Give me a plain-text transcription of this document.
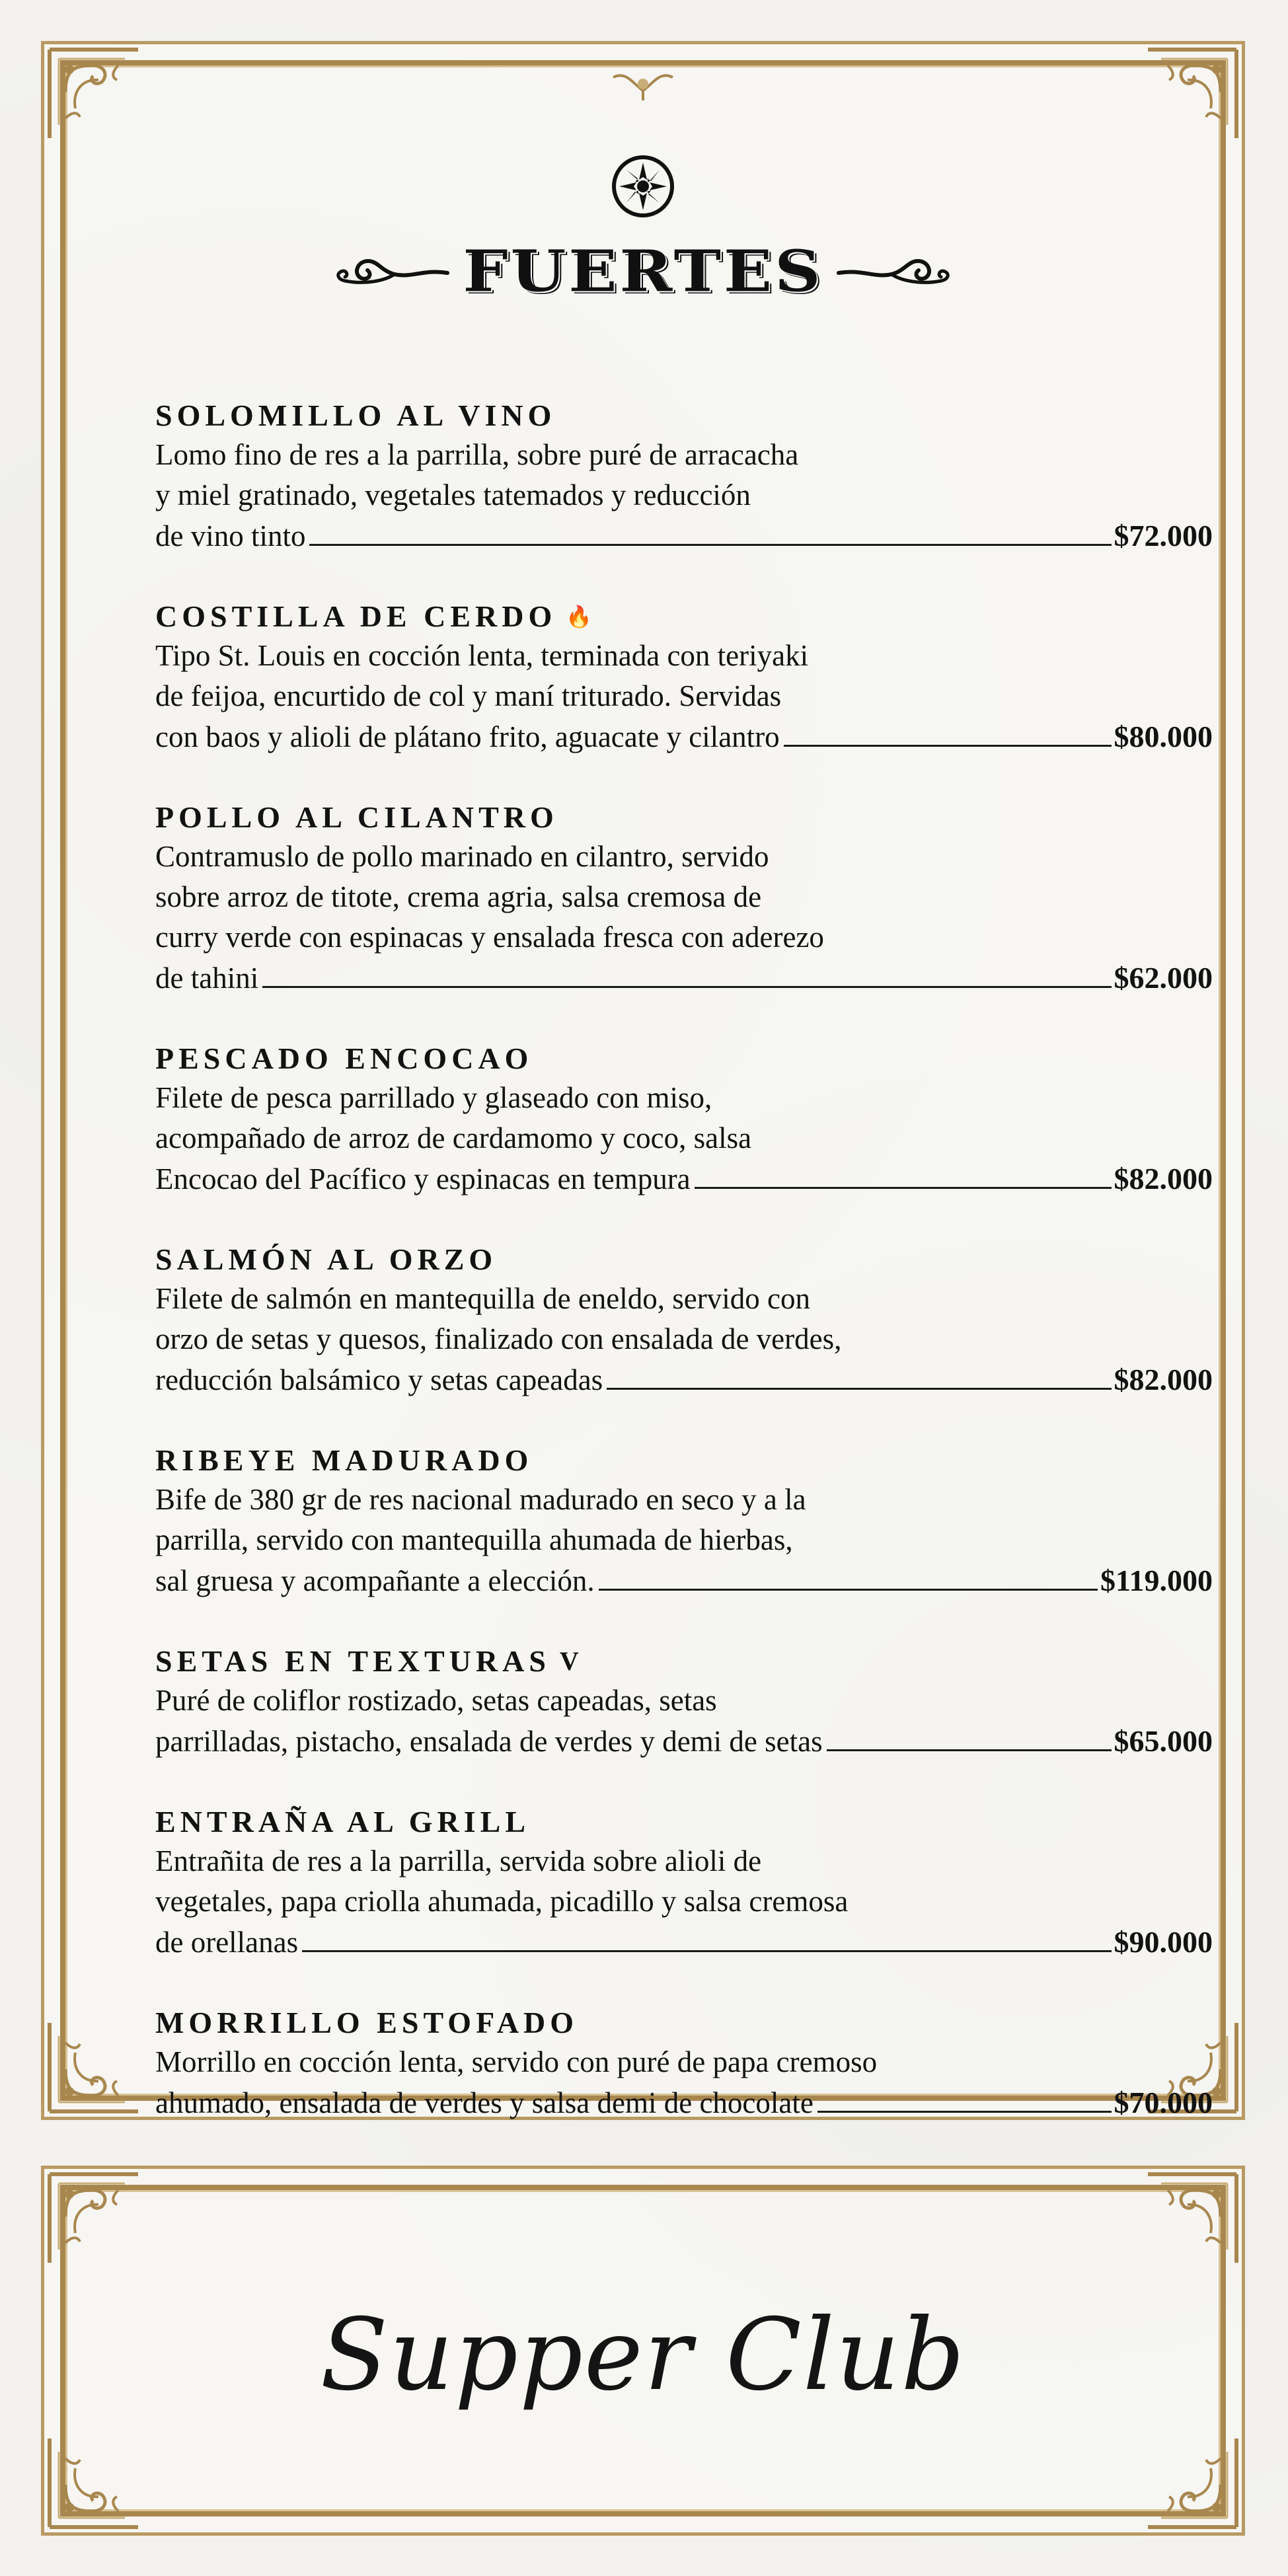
FUERTES
SOLOMILLO AL VINO
Lomo fino de res a la parrilla, sobre puré de arracacha
y miel gratinado, vegetales tatemados y reducción
de vino tinto	$72.000
COSTILLA DE CERDO 🔥
Tipo St. Louis en cocción lenta, terminada con teriyaki
de feijoa, encurtido de col y maní triturado. Servidas
con baos y alioli de plátano frito, aguacate y cilantro	$80.000
POLLO AL CILANTRO
Contramuslo de pollo marinado en cilantro, servido
sobre arroz de titote, crema agria, salsa cremosa de
curry verde con espinacas y ensalada fresca con aderezo
de tahini	$62.000
PESCADO ENCOCAO
Filete de pesca parrillado y glaseado con miso,
acompañado de arroz de cardamomo y coco, salsa
Encocao del Pacífico y espinacas en tempura	$82.000
SALMÓN AL ORZO
Filete de salmón en mantequilla de eneldo, servido con
orzo de setas y quesos, finalizado con ensalada de verdes,
reducción balsámico y setas capeadas	$82.000
RIBEYE MADURADO
Bife de 380 gr de res nacional madurado en seco y a la
parrilla, servido con mantequilla ahumada de hierbas,
sal gruesa y acompañante a elección.	$119.000
SETAS EN TEXTURAS V
Puré de coliflor rostizado, setas capeadas, setas
parrilladas, pistacho, ensalada de verdes y demi de setas	$65.000
ENTRAÑA AL GRILL
Entrañita de res a la parrilla, servida sobre alioli de
vegetales, papa criolla ahumada, picadillo y salsa cremosa
de orellanas	$90.000
MORRILLO ESTOFADO
Morrillo en cocción lenta, servido con puré de papa cremoso
ahumado, ensalada de verdes y salsa demi de chocolate	$70.000
Supper Club
